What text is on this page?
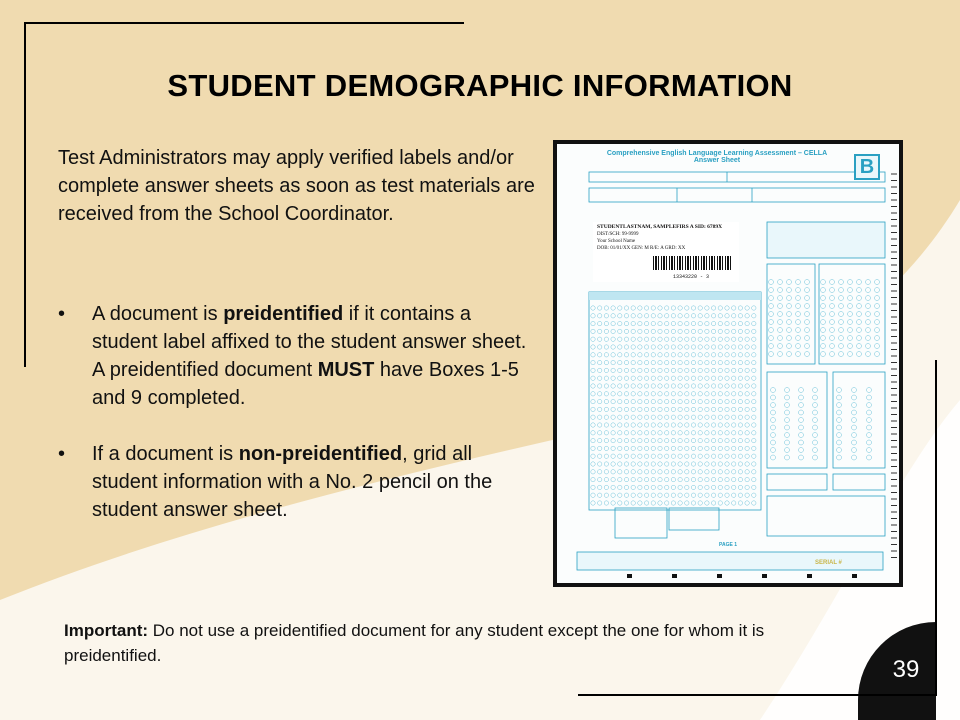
STUDENT DEMOGRAPHIC INFORMATION
Test Administrators may apply verified labels and/or complete answer sheets as soon as test materials are received from the School Coordinator.
• A document is preidentified if it contains a student label affixed to the student answer sheet. A preidentified document MUST have Boxes 1-5 and 9 completed.
• If a document is non-preidentified, grid all student information with a No. 2 pencil on the student answer sheet.
Important: Do not use a preidentified document for any student except the one for whom it is preidentified.
39
Comprehensive English Language Learning Assessment – CELLA Answer Sheet	B
STUDENTLASTNAM, SAMPLEFIRS A SID: 6789X
DIST/SCH: 99-9999
Your School Name
DOB: 01/01/XX GEN: M R/E: A GRD: XX
13343220 - 3
PAGE 1
SERIAL #
